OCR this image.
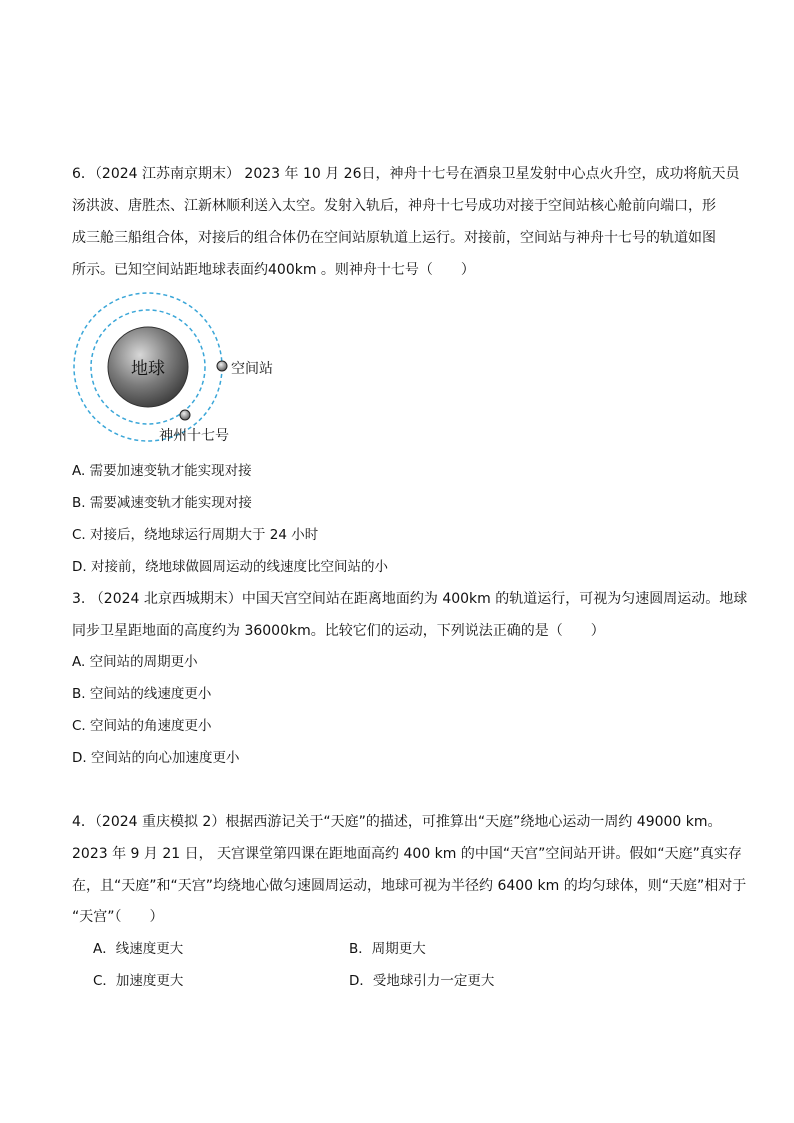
6．（2024 江苏南京期末） 2023 年 10 月 26日，神舟十七号在酒泉卫星发射中心点火升空，成功将航天员
汤洪波、唐胜杰、江新林顺利送入太空。发射入轨后，神舟十七号成功对接于空间站核心舱前向端口，形
成三舱三船组合体，对接后的组合体仍在空间站原轨道上运行。对接前，空间站与神舟十七号的轨道如图
所示。已知空间站距地球表面约400km 。则神舟十七号（　　）
地球	空间站
神州十七号
A. 需要加速变轨才能实现对接
B. 需要减速变轨才能实现对接
C. 对接后，绕地球运行周期大于 24 小时
D. 对接前，绕地球做圆周运动的线速度比空间站的小
3. （2024 北京西城期末）中国天宫空间站在距离地面约为 400km 的轨道运行，可视为匀速圆周运动。地球
同步卫星距地面的高度约为 36000km。比较它们的运动，下列说法正确的是（　　）
A. 空间站的周期更小
B. 空间站的线速度更小
C. 空间站的角速度更小
D. 空间站的向心加速度更小
4．（2024 重庆模拟 2）根据西游记关于“天庭”的描述，可推算出“天庭”绕地心运动一周约 49000 km。
2023 年 9 月 21 日， 天宫课堂第四课在距地面高约 400 km 的中国“天宫”空间站开讲。假如“天庭”真实存
在，且“天庭”和“天宫”均绕地心做匀速圆周运动，地球可视为半径约 6400 km 的均匀球体，则“天庭”相对于
“天宫”（　　）
A．线速度更大	B．周期更大
C．加速度更大	D．受地球引力一定更大
